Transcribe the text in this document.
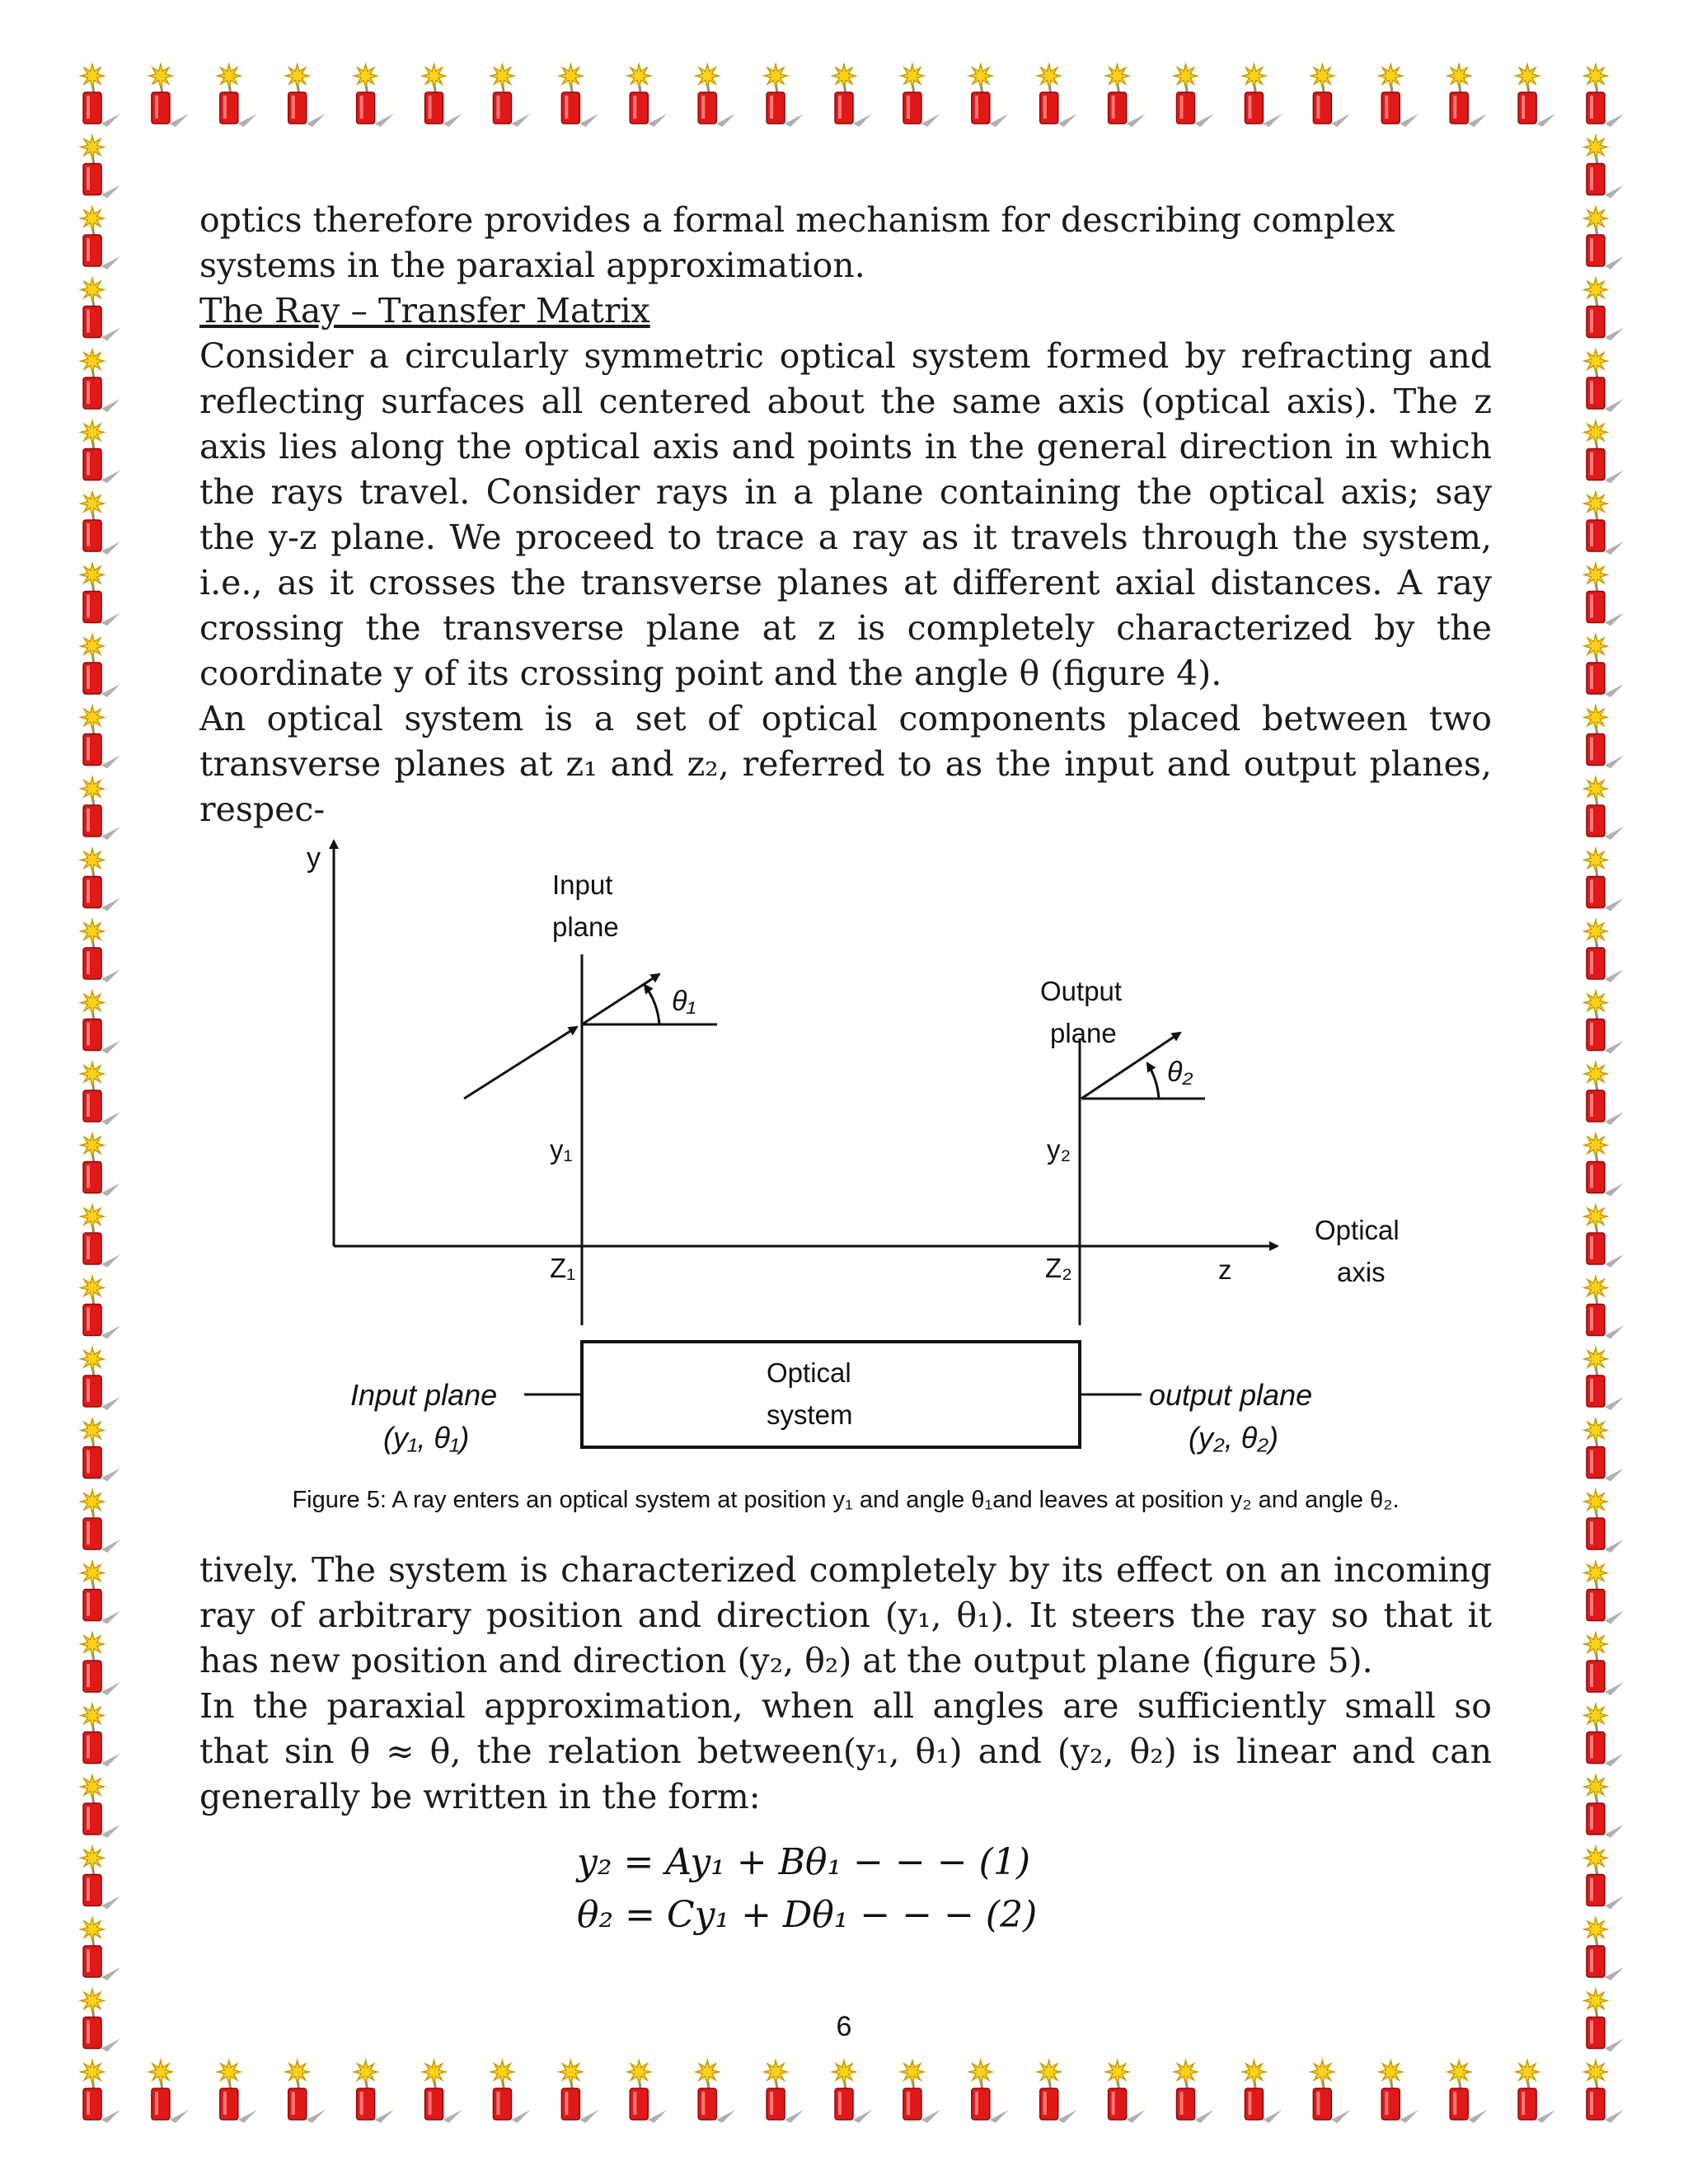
optics therefore provides a formal mechanism for describing complex systems in the paraxial approximation.

The Ray – Transfer Matrix

Consider a circularly symmetric optical system formed by refracting and reflecting surfaces all centered about the same axis (optical axis). The z axis lies along the optical axis and points in the general direction in which the rays travel. Consider rays in a plane containing the optical axis; say the y-z plane. We proceed to trace a ray as it travels through the system, i.e., as it crosses the transverse planes at different axial distances. A ray crossing the transverse plane at z is completely characterized by the coordinate y of its crossing point and the angle θ (figure 4).

An optical system is a set of optical components placed between two transverse planes at z₁ and z₂, referred to as the input and output planes, respec-

y
Input
plane
θ₁
y₁
Z₁
Output
plane
θ₂
y₂
Z₂	z
Optical
axis
Optical
system
Input plane
(y₁, θ₁)
output plane
(y₂, θ₂)
Figure 5: A ray enters an optical system at position y₁ and angle θ₁and leaves at position y₂ and angle θ₂.

tively. The system is characterized completely by its effect on an incoming ray of arbitrary position and direction (y₁, θ₁). It steers the ray so that it has new position and direction (y₂, θ₂) at the output plane (figure 5).

In the paraxial approximation, when all angles are sufficiently small so that sin θ ≈ θ, the relation between(y₁, θ₁) and (y₂, θ₂) is linear and can generally be written in the form:

y₂ = Ay₁ + Bθ₁ − − − (1)
θ₂ = Cy₁ + Dθ₁ − − − (2)
6
